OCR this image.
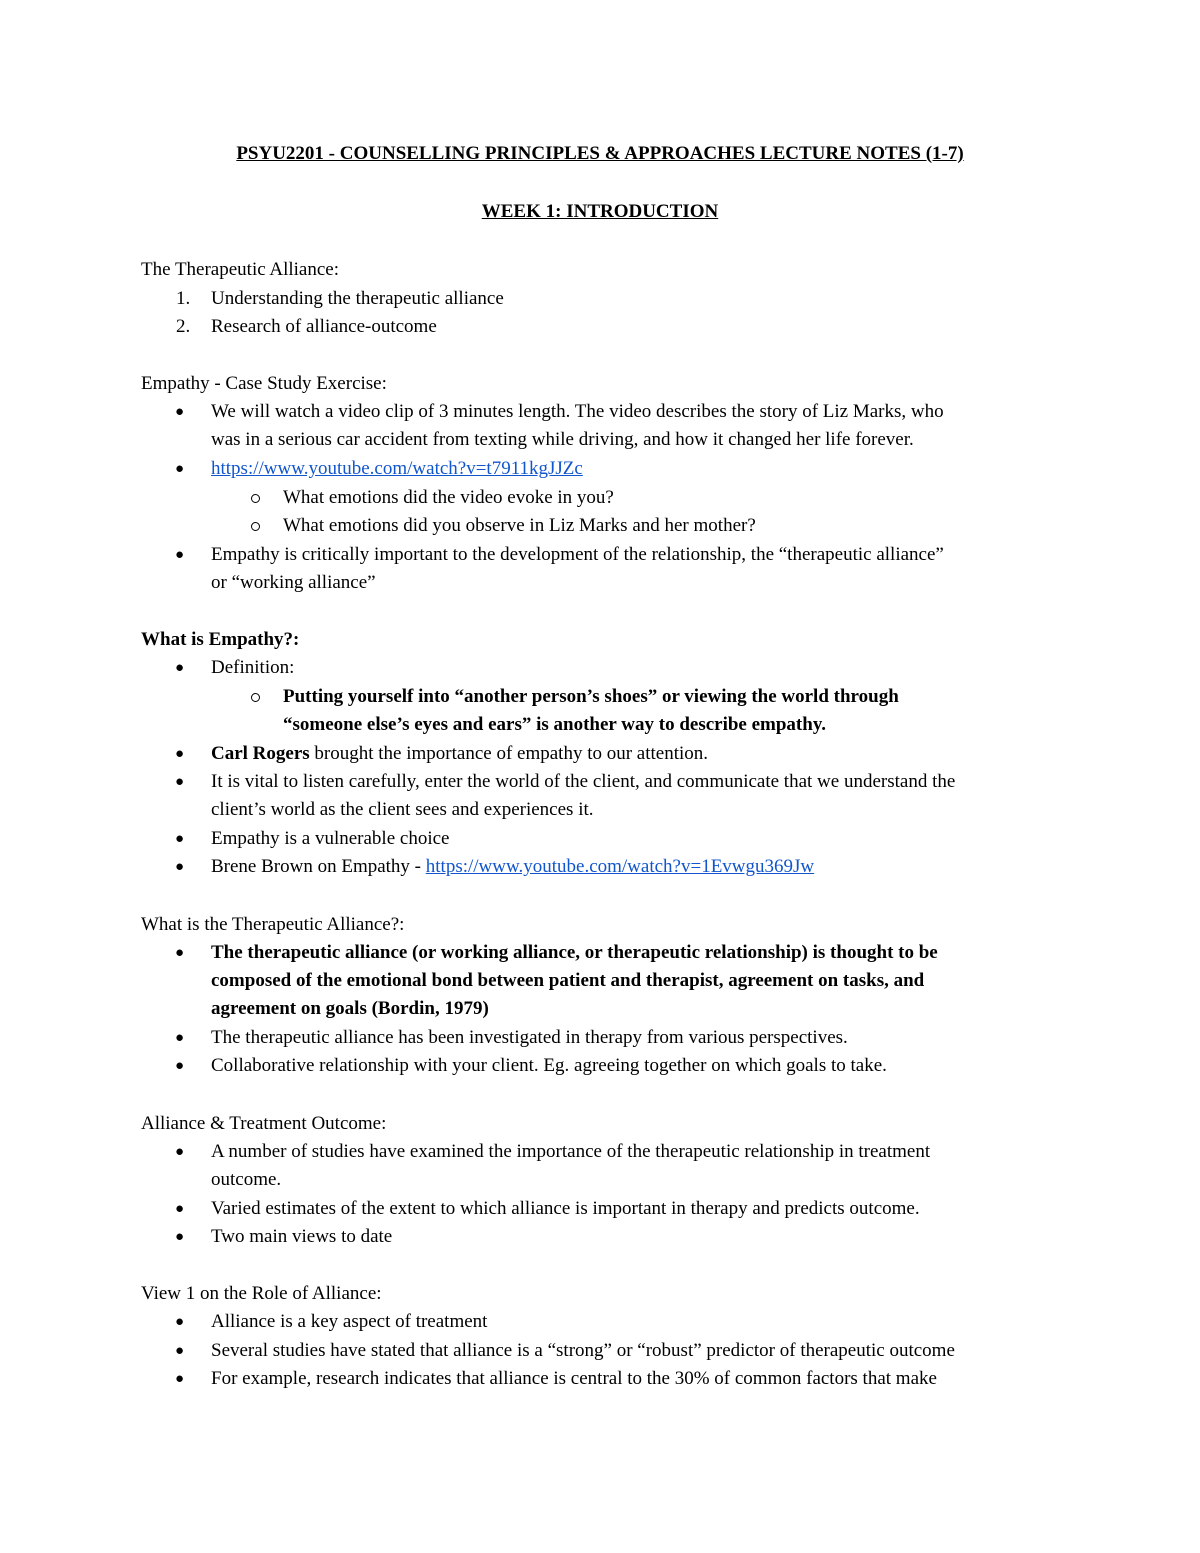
PSYU2201 - COUNSELLING PRINCIPLES & APPROACHES LECTURE NOTES (1-7)
WEEK 1: INTRODUCTION
The Therapeutic Alliance:
1. Understanding the therapeutic alliance
2. Research of alliance-outcome
Empathy - Case Study Exercise:
● We will watch a video clip of 3 minutes length. The video describes the story of Liz Marks, who
was in a serious car accident from texting while driving, and how it changed her life forever.
● https://www.youtube.com/watch?v=t7911kgJJZc
What emotions did the video evoke in you?
What emotions did you observe in Liz Marks and her mother?
● Empathy is critically important to the development of the relationship, the “therapeutic alliance”
or “working alliance”
What is Empathy?:
● Definition:
Putting yourself into “another person’s shoes” or viewing the world through
“someone else’s eyes and ears” is another way to describe empathy.
● Carl Rogers brought the importance of empathy to our attention.
● It is vital to listen carefully, enter the world of the client, and communicate that we understand the
client’s world as the client sees and experiences it.
● Empathy is a vulnerable choice
● Brene Brown on Empathy - https://www.youtube.com/watch?v=1Evwgu369Jw
What is the Therapeutic Alliance?:
● The therapeutic alliance (or working alliance, or therapeutic relationship) is thought to be
composed of the emotional bond between patient and therapist, agreement on tasks, and
agreement on goals (Bordin, 1979)
● The therapeutic alliance has been investigated in therapy from various perspectives.
● Collaborative relationship with your client. Eg. agreeing together on which goals to take.
Alliance & Treatment Outcome:
● A number of studies have examined the importance of the therapeutic relationship in treatment
outcome.
● Varied estimates of the extent to which alliance is important in therapy and predicts outcome.
● Two main views to date
View 1 on the Role of Alliance:
● Alliance is a key aspect of treatment
● Several studies have stated that alliance is a “strong” or “robust” predictor of therapeutic outcome
● For example, research indicates that alliance is central to the 30% of common factors that make
